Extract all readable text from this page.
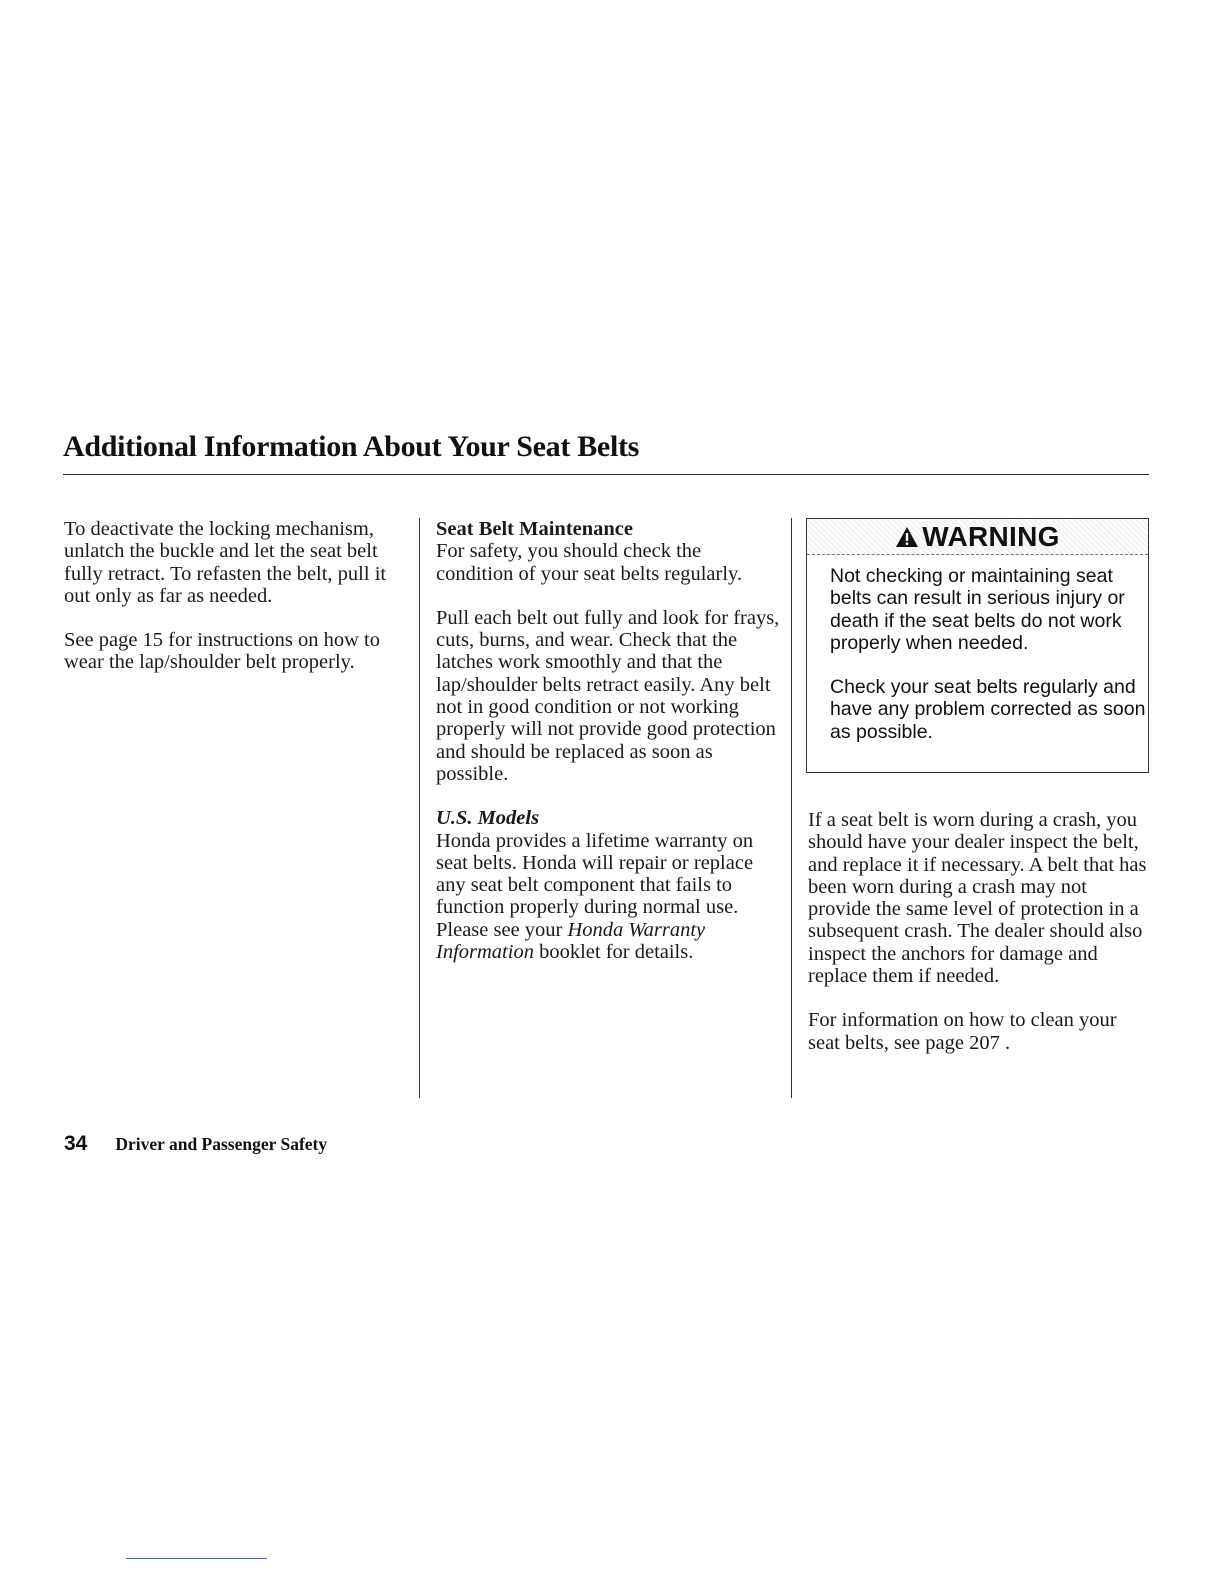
Additional Information About Your Seat Belts

To deactivate the locking mechanism, unlatch the buckle and let the seat belt fully retract. To refasten the belt, pull it out only as far as needed.

See page 15 for instructions on how to wear the lap/shoulder belt properly.

Seat Belt Maintenance
For safety, you should check the condition of your seat belts regularly.

Pull each belt out fully and look for frays, cuts, burns, and wear. Check that the latches work smoothly and that the lap/shoulder belts retract easily. Any belt not in good condition or not working properly will not provide good protection and should be replaced as soon as possible.

U.S. Models
Honda provides a lifetime warranty on seat belts. Honda will repair or replace any seat belt component that fails to function properly during normal use. Please see your Honda Warranty Information booklet for details.

WARNING

Not checking or maintaining seat belts can result in serious injury or death if the seat belts do not work properly when needed.

Check your seat belts regularly and have any problem corrected as soon as possible.

If a seat belt is worn during a crash, you should have your dealer inspect the belt, and replace it if necessary. A belt that has been worn during a crash may not provide the same level of protection in a subsequent crash. The dealer should also inspect the anchors for damage and replace them if needed.

For information on how to clean your seat belts, see page 207 .

34 Driver and Passenger Safety
